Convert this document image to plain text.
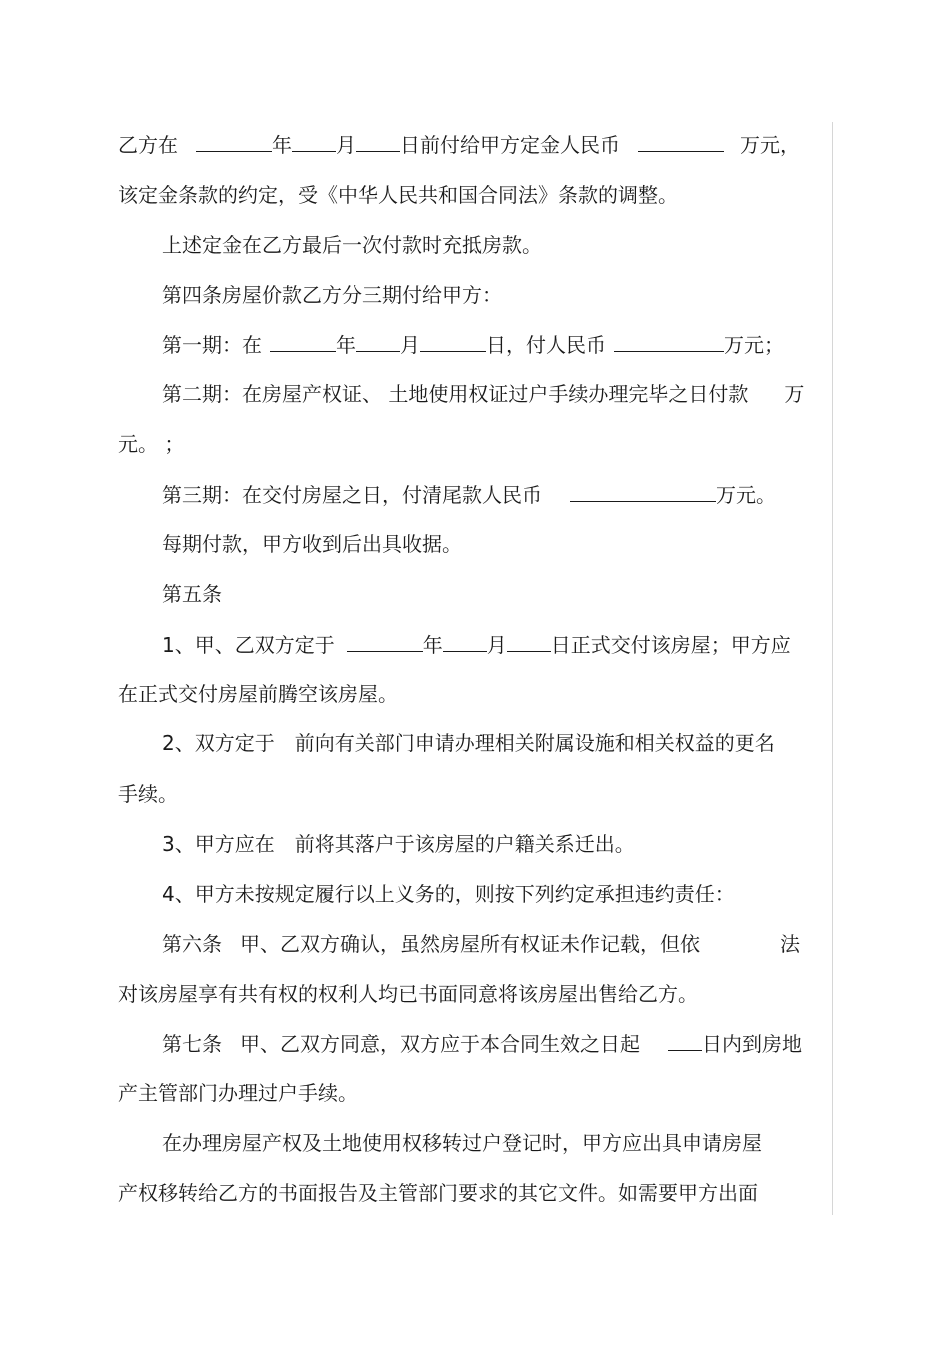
乙方在	年 月 日前付给甲方定金人民币	万元，
该定金条款的约定，受《中华人民共和国合同法》条款的调整。
上述定金在乙方最后一次付款时充抵房款。
第四条房屋价款乙方分三期付给甲方：
第一期：在	年 月	日，付人民币	万元；
第二期：在房屋产权证、 土地使用权证过户手续办理完毕之日付款 万
元。 ；
第三期：在交付房屋之日，付清尾款人民币	万元。
每期付款，甲方收到后出具收据。
第五条
1、甲、乙双方定于	年 月 日正式交付该房屋；甲方应
在正式交付房屋前腾空该房屋。
2、双方定于 前向有关部门申请办理相关附属设施和相关权益的更名
手续。
3、甲方应在 前将其落户于该房屋的户籍关系迁出。
4、甲方未按规定履行以上义务的，则按下列约定承担违约责任：
第六条 甲、乙双方确认，虽然房屋所有权证未作记载，但依	法
对该房屋享有共有权的权利人均已书面同意将该房屋出售给乙方。
第七条 甲、乙双方同意，双方应于本合同生效之日起	日内到房地
产主管部门办理过户手续。
在办理房屋产权及土地使用权移转过户登记时，甲方应出具申请房屋
产权移转给乙方的书面报告及主管部门要求的其它文件。如需要甲方出面
